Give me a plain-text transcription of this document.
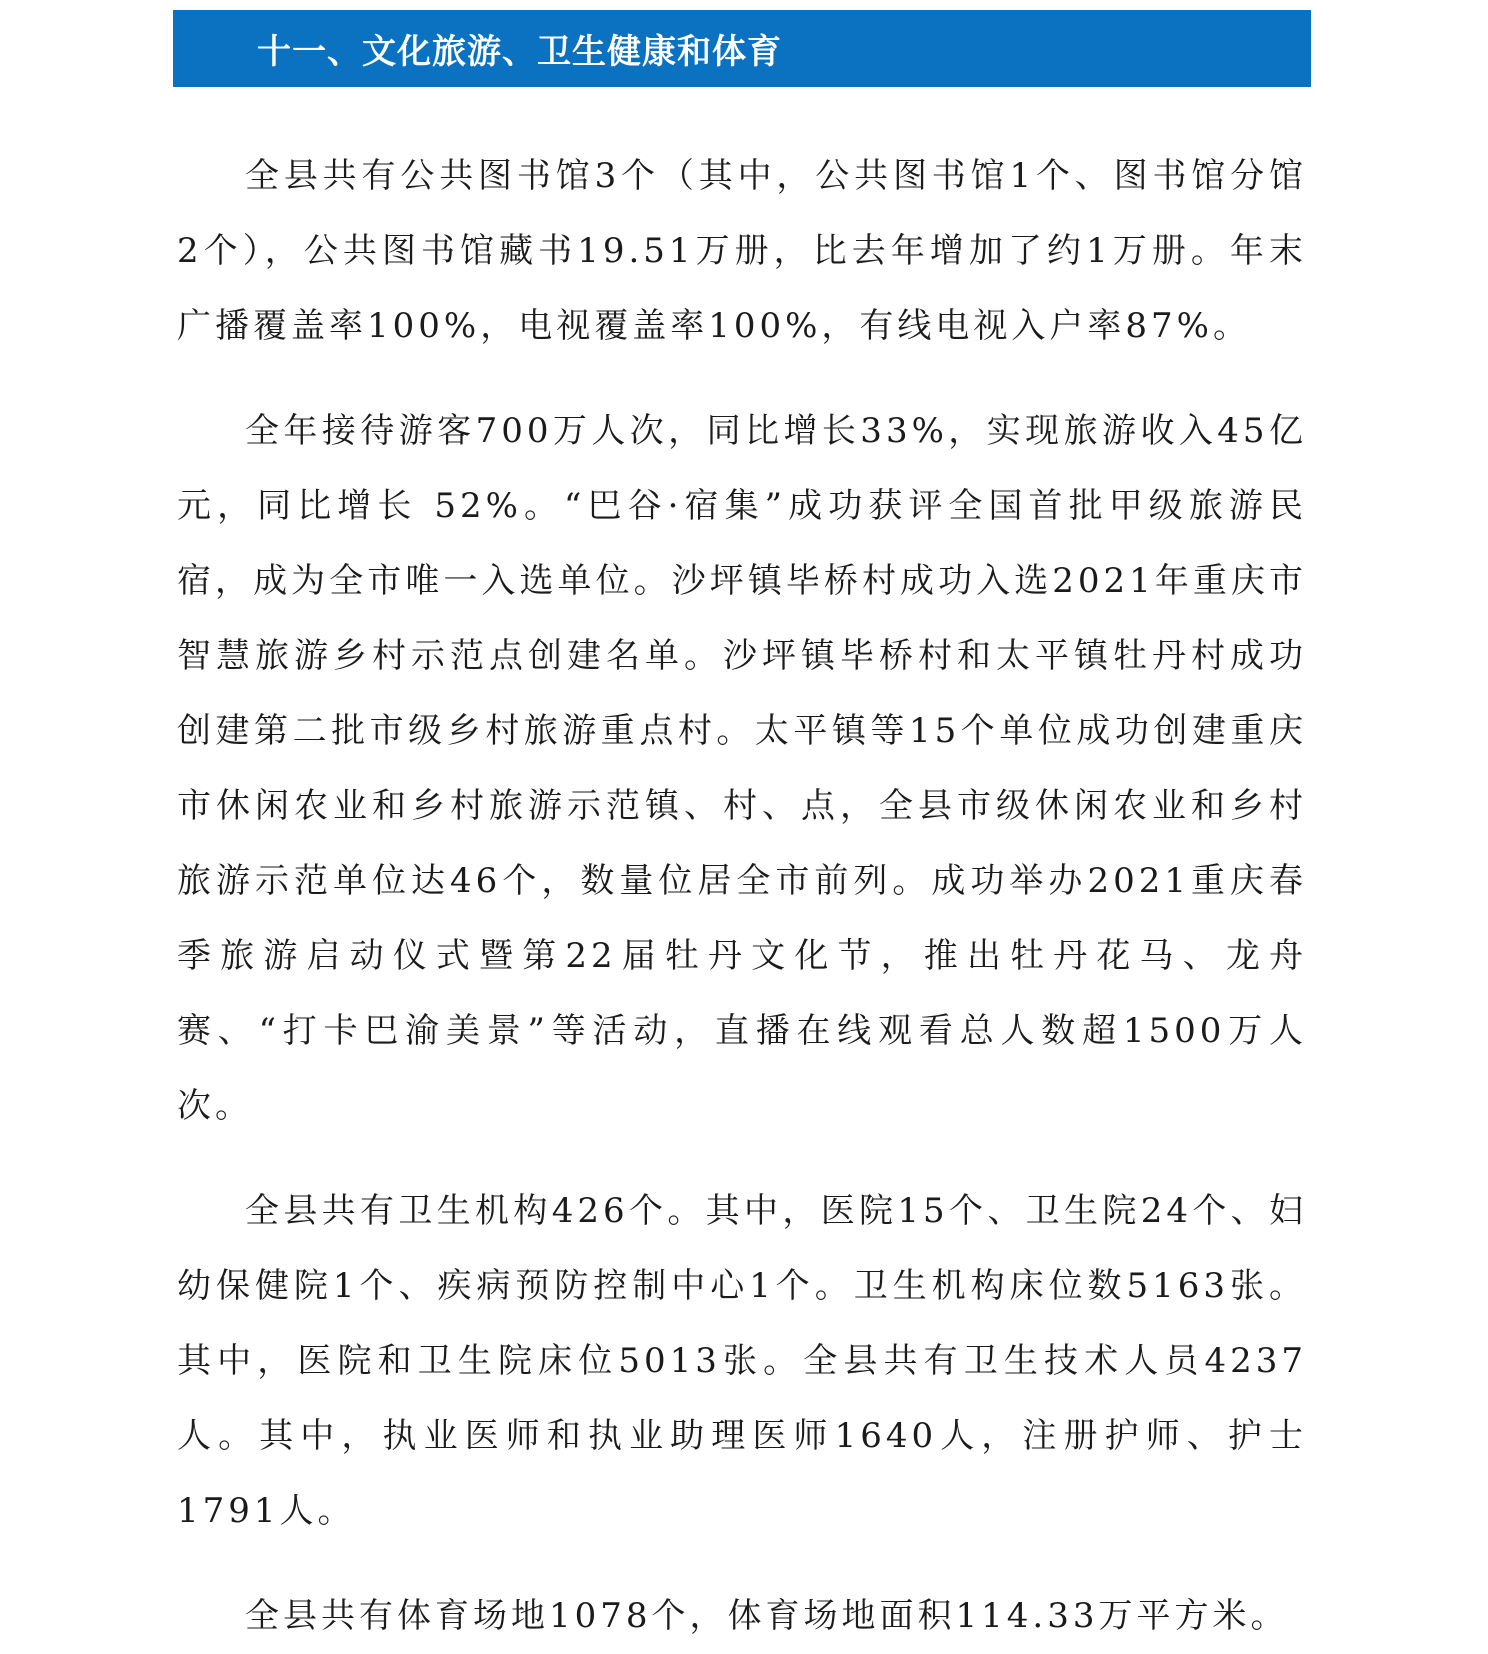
十一、文化旅游、卫生健康和体育

全县共有公共图书馆3个（其中，公共图书馆1个、图书馆分馆2个），公共图书馆藏书19.51万册，比去年增加了约1万册。年末广播覆盖率100%，电视覆盖率100%，有线电视入户率87%。

全年接待游客700万人次，同比增长33%，实现旅游收入45亿元，同比增长 52%。“巴谷·宿集”成功获评全国首批甲级旅游民宿，成为全市唯一入选单位。沙坪镇毕桥村成功入选2021年重庆市智慧旅游乡村示范点创建名单。沙坪镇毕桥村和太平镇牡丹村成功创建第二批市级乡村旅游重点村。太平镇等15个单位成功创建重庆市休闲农业和乡村旅游示范镇、村、点，全县市级休闲农业和乡村旅游示范单位达46个，数量位居全市前列。成功举办2021重庆春季旅游启动仪式暨第22届牡丹文化节，推出牡丹花马、龙舟赛、“打卡巴渝美景”等活动，直播在线观看总人数超1500万人次。

全县共有卫生机构426个。其中，医院15个、卫生院24个、妇幼保健院1个、疾病预防控制中心1个。卫生机构床位数5163张。其中，医院和卫生院床位5013张。全县共有卫生技术人员4237人。其中，执业医师和执业助理医师1640人，注册护师、护士1791人。

全县共有体育场地1078个，体育场地面积114.33万平方米。
